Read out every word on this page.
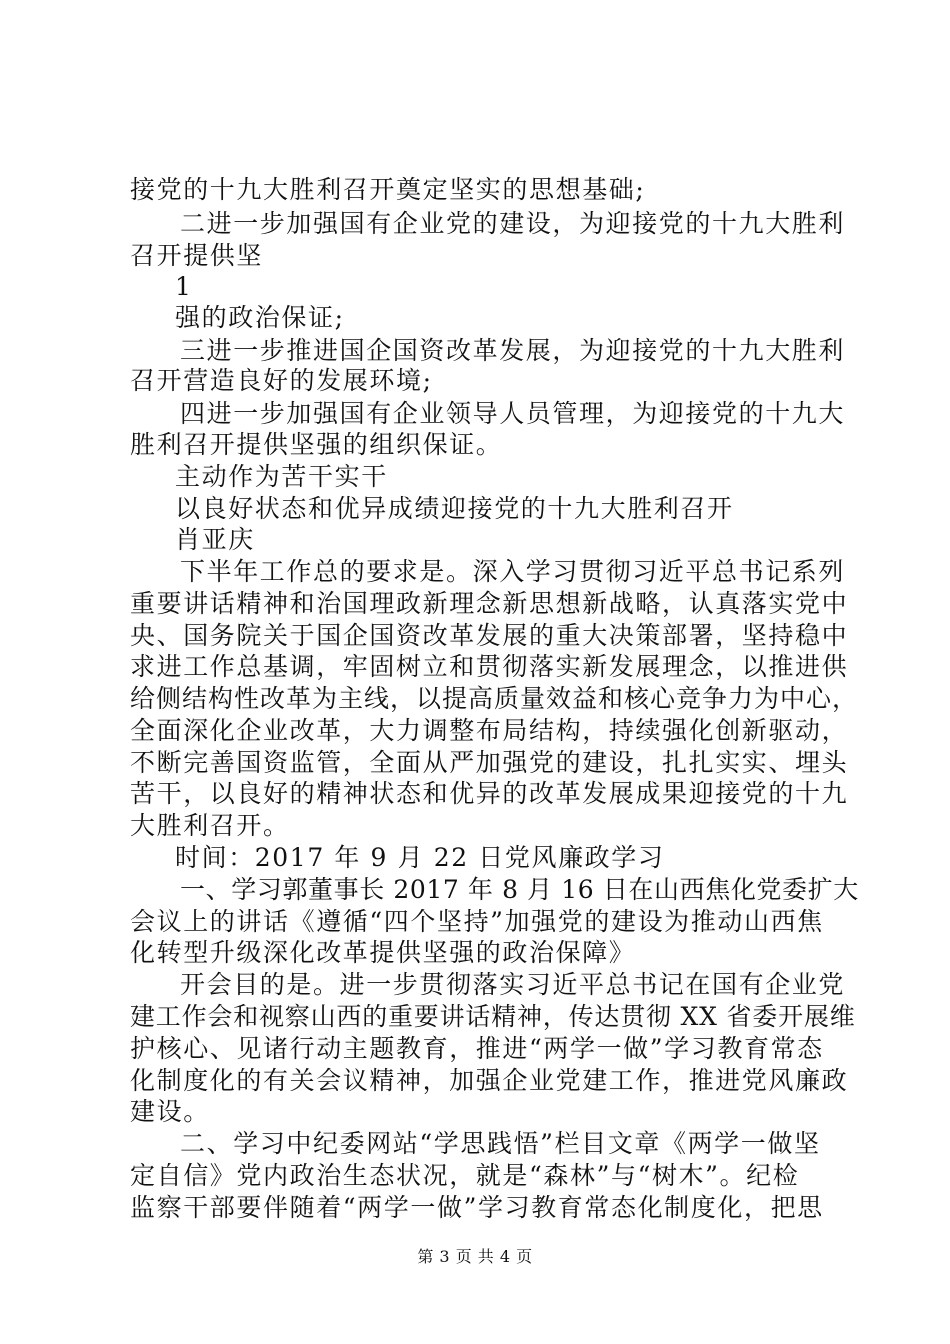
接党的十九大胜利召开奠定坚实的思想基础;
二进一步加强国有企业党的建设，为迎接党的十九大胜利
召开提供坚
1
强的政治保证;
三进一步推进国企国资改革发展，为迎接党的十九大胜利
召开营造良好的发展环境;
四进一步加强国有企业领导人员管理，为迎接党的十九大
胜利召开提供坚强的组织保证。
主动作为苦干实干
以良好状态和优异成绩迎接党的十九大胜利召开
肖亚庆
下半年工作总的要求是。深入学习贯彻习近平总书记系列
重要讲话精神和治国理政新理念新思想新战略，认真落实党中
央、国务院关于国企国资改革发展的重大决策部署，坚持稳中
求进工作总基调，牢固树立和贯彻落实新发展理念，以推进供
给侧结构性改革为主线，以提高质量效益和核心竞争力为中心，
全面深化企业改革，大力调整布局结构，持续强化创新驱动，
不断完善国资监管，全面从严加强党的建设，扎扎实实、埋头
苦干，以良好的精神状态和优异的改革发展成果迎接党的十九
大胜利召开。
时间：2017 年 9 月 22 日党风廉政学习
一、学习郭董事长 2017 年 8 月 16 日在山西焦化党委扩大
会议上的讲话《遵循“四个坚持”加强党的建设为推动山西焦
化转型升级深化改革提供坚强的政治保障》
开会目的是。进一步贯彻落实习近平总书记在国有企业党
建工作会和视察山西的重要讲话精神，传达贯彻 XX 省委开展维
护核心、见诸行动主题教育，推进“两学一做”学习教育常态
化制度化的有关会议精神，加强企业党建工作，推进党风廉政
建设。
二、学习中纪委网站“学思践悟”栏目文章《两学一做坚
定自信》党内政治生态状况，就是“森林”与“树木”。纪检
监察干部要伴随着“两学一做”学习教育常态化制度化，把思
第 3 页 共 4 页
